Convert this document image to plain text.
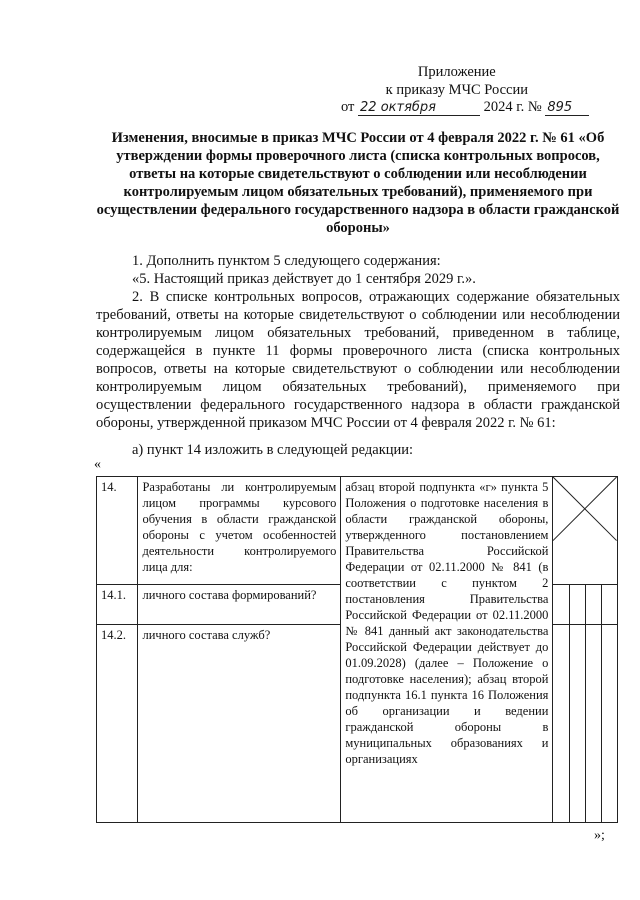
Приложение
к приказу МЧС России
от 22 октября	2024 г. № 895
Изменения, вносимые в приказ МЧС России от 4 февраля 2022 г. № 61 «Об утверждении формы проверочного листа (списка контрольных вопросов, ответы на которые свидетельствуют о соблюдении или несоблюдении контролируемым лицом обязательных требований), применяемого при осуществлении федерального государственного надзора в области гражданской обороны»
1. Дополнить пунктом 5 следующего содержания:
«5. Настоящий приказ действует до 1 сентября 2029 г.».
2. В списке контрольных вопросов, отражающих содержание обязательных требований, ответы на которые свидетельствуют о соблюдении или несоблюдении контролируемым лицом обязательных требований, приведенном в таблице, содержащейся в пункте 11 формы проверочного листа (списка контрольных вопросов, ответы на которые свидетельствуют о соблюдении или несоблюдении контролируемым лицом обязательных требований), применяемого при осуществлении федерального государственного надзора в области гражданской обороны, утвержденной приказом МЧС России от 4 февраля 2022 г. № 61:
а) пункт 14 изложить в следующей редакции:
«
14.	Разработаны ли контролируемым лицом программы курсового обучения в области гражданской обороны с учетом особенностей деятельности контролируемого лица для:	абзац второй подпункта «г» пункта 5 Положения о подготовке населения в области гражданской обороны, утвержденного постановлением Правительства Российской Федерации от 02.11.2000 № 841 (в соответствии с пунктом 2 постановления Правительства Российской Федерации от 02.11.2000 № 841 данный акт законодательства Российской Федерации действует до 01.09.2028) (далее – Положение о подготовке населения); абзац второй подпункта 16.1 пункта 16 Положения об организации и ведении гражданской обороны в муниципальных образованиях и организациях	

14.1.	личного состава формирований?					
14.2.	личного состава служб?					
»;
